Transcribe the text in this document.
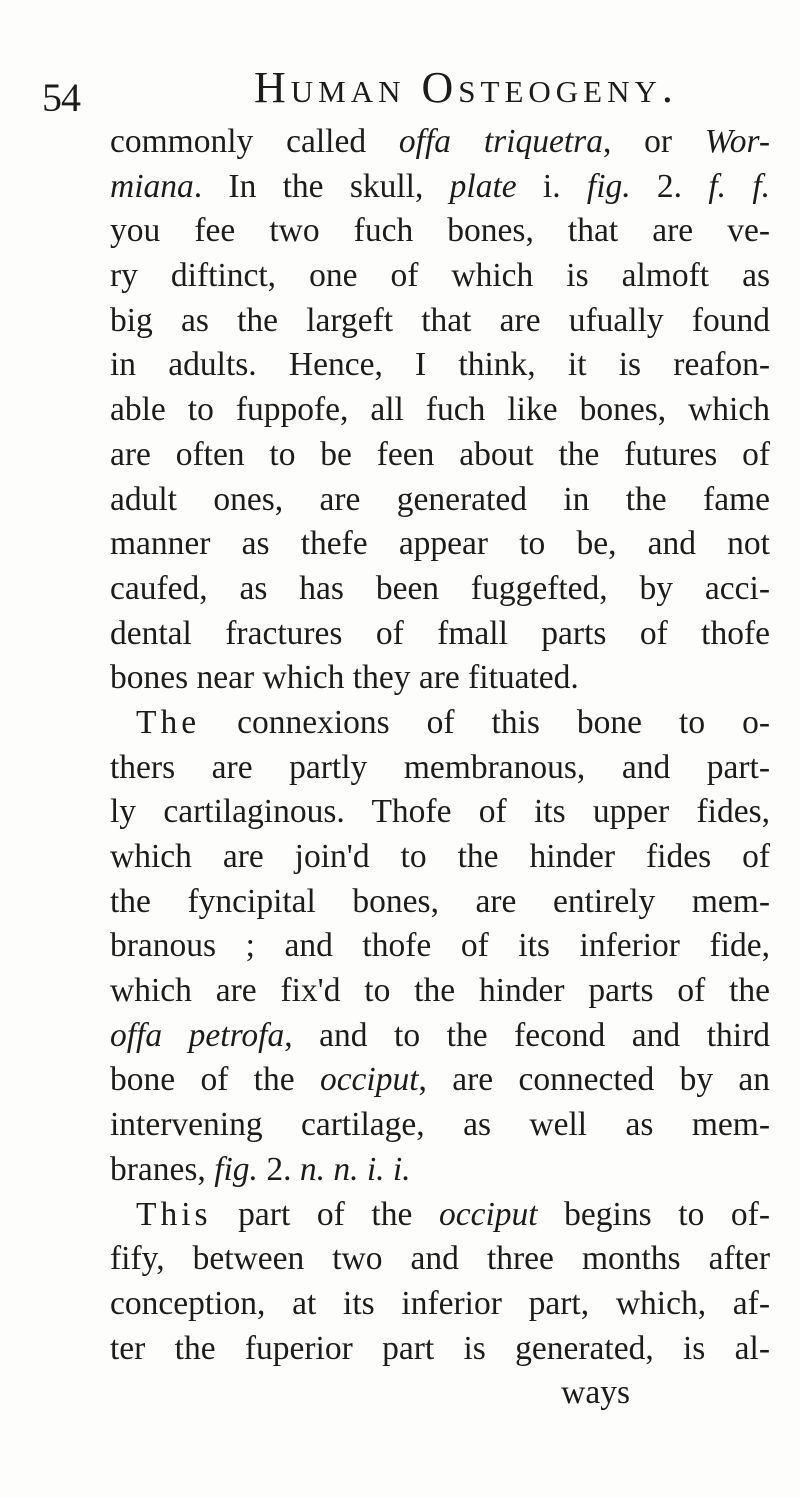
54	Human Osteogeny.
commonly called offa triquetra, or Wor-
miana. In the skull, plate i. fig. 2. f. f.
you fee two fuch bones, that are ve-
ry diftinct, one of which is almoft as
big as the largeft that are ufually found
in adults. Hence, I think, it is reafon-
able to fuppofe, all fuch like bones, which
are often to be feen about the futures of
adult ones, are generated in the fame
manner as thefe appear to be, and not
caufed, as has been fuggefted, by acci-
dental fractures of fmall parts of thofe
bones near which they are fituated.
The connexions of this bone to o-
thers are partly membranous, and part-
ly cartilaginous. Thofe of its upper fides,
which are join'd to the hinder fides of
the fyncipital bones, are entirely mem-
branous ; and thofe of its inferior fide,
which are fix'd to the hinder parts of the
offa petrofa, and to the fecond and third
bone of the occiput, are connected by an
intervening cartilage, as well as mem-
branes, fig. 2. n. n. i. i.
This part of the occiput begins to of-
fify, between two and three months after
conception, at its inferior part, which, af-
ter the fuperior part is generated, is al-
ways
